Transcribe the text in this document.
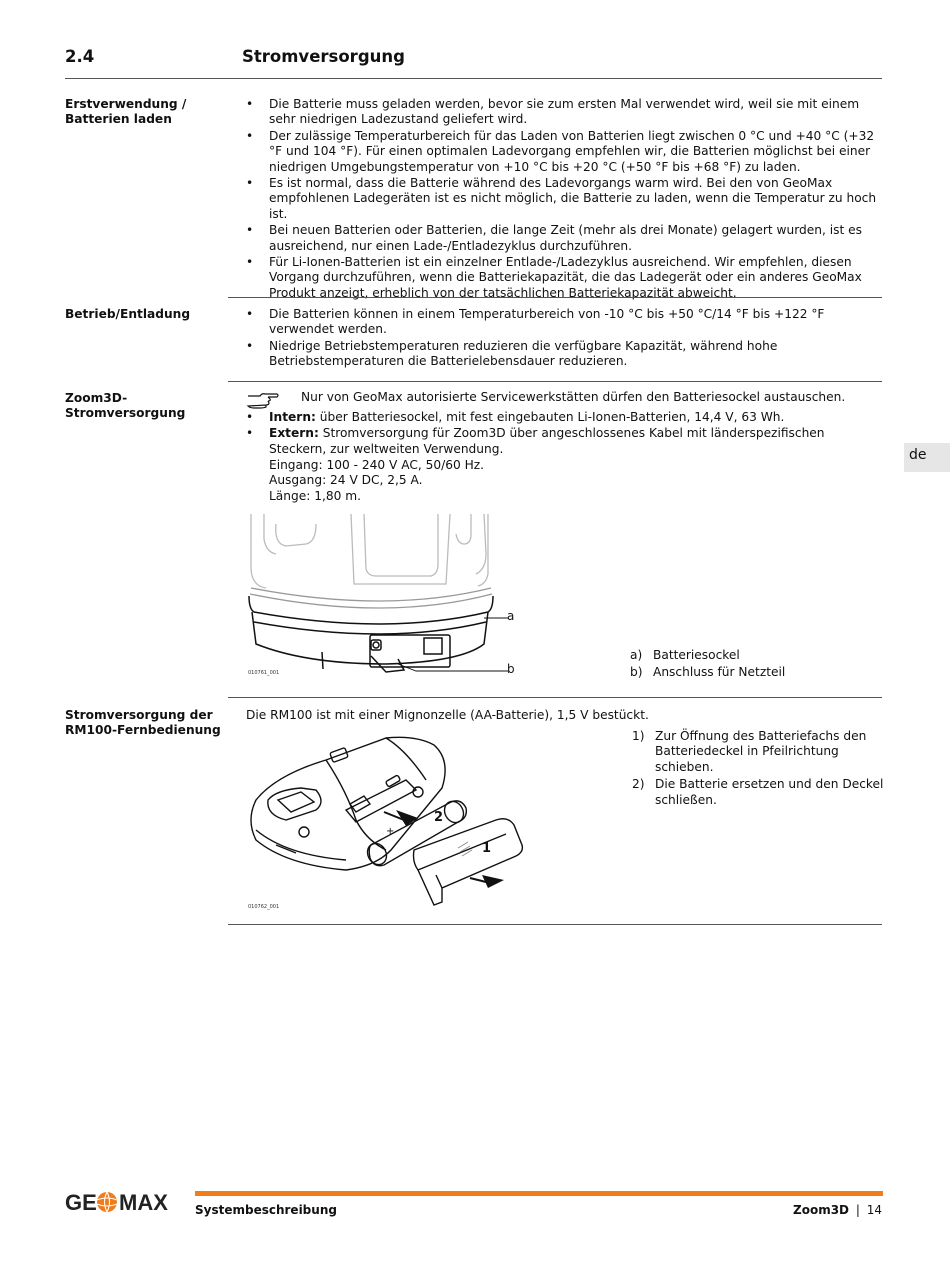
2.4	Stromversorgung
Erstverwendung / Batterien laden
• Die Batterie muss geladen werden, bevor sie zum ersten Mal verwendet wird, weil sie mit einem sehr niedrigen Ladezustand geliefert wird.
• Der zulässige Temperaturbereich für das Laden von Batterien liegt zwischen 0 °C und +40 °C (+32 °F und 104 °F). Für einen optimalen Ladevorgang empfehlen wir, die Batterien möglichst bei einer niedrigen Umgebungstemperatur von +10 °C bis +20 °C (+50 °F bis +68 °F) zu laden.
• Es ist normal, dass die Batterie während des Ladevorgangs warm wird. Bei den von GeoMax empfohlenen Ladegeräten ist es nicht möglich, die Batterie zu laden, wenn die Temperatur zu hoch ist.
• Bei neuen Batterien oder Batterien, die lange Zeit (mehr als drei Monate) gelagert wurden, ist es ausreichend, nur einen Lade-/Entladezyklus durchzuführen.
• Für Li-Ionen-Batterien ist ein einzelner Entlade-/Ladezyklus ausreichend. Wir empfehlen, diesen Vorgang durchzuführen, wenn die Batteriekapazität, die das Ladegerät oder ein anderes GeoMax Produkt anzeigt, erheblich von der tatsächlichen Batteriekapazität abweicht.
Betrieb/Entladung
•	Die Batterien können in einem Temperaturbereich von -10 °C bis +50 °C/14 °F bis +122 °F verwendet werden.
• Niedrige Betriebstemperaturen reduzieren die verfügbare Kapazität, während hohe Betriebstemperaturen die Batterielebensdauer reduzieren.
Zoom3D-Stromversorgung
Nur von GeoMax autorisierte Servicewerkstätten dürfen den Batteriesockel austauschen.
• Intern: über Batteriesockel, mit fest eingebauten Li-Ionen-Batterien, 14,4 V, 63 Wh.
• Extern: Stromversorgung für Zoom3D über angeschlossenes Kabel mit länderspezifischen Steckern, zur weltweiten Verwendung.
Eingang: 100 - 240 V AC, 50/60 Hz.
Ausgang: 24 V DC, 2,5 A.
Länge: 1,80 m.
a
b
010761_001
a) Batteriesockel
b) Anschluss für Netzteil
Stromversorgung der RM100-Fernbedienung
Die RM100 ist mit einer Mignonzelle (AA-Batterie), 1,5 V bestückt.
+
2
1
010762_001
1) Zur Öffnung des Batteriefachs den Batteriedeckel in Pfeilrichtung schieben.
2) Die Batterie ersetzen und den Deckel schließen.
de
GE MAX Systembeschreibung	Zoom3D | 14
